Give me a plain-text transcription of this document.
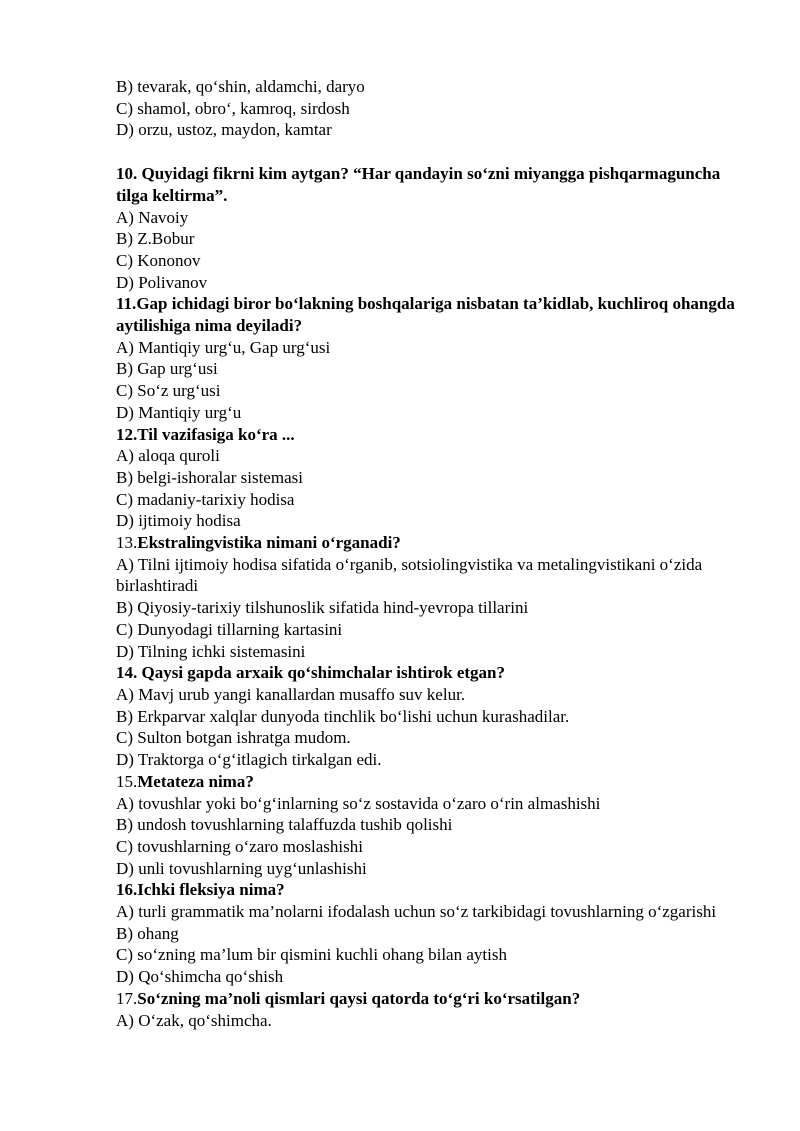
B) tevarak, qo‘shin, aldamchi, daryo
C) shamol, obro‘, kamroq, sirdosh
D) orzu, ustoz, maydon, kamtar
10. Quyidagi fikrni kim aytgan? “Har qandayin so‘zni miyangga pishqarmaguncha tilga keltirma”.
A) Navoiy
B) Z.Bobur
C) Kononov
D) Polivanov
11.Gap ichidagi biror bo‘lakning boshqalariga nisbatan ta’kidlab, kuchliroq ohangda aytilishiga nima deyiladi?
A) Mantiqiy urg‘u, Gap urg‘usi
B) Gap urg‘usi
C) So‘z urg‘usi
D) Mantiqiy urg‘u
12.Til vazifasiga ko‘ra ...
A) aloqa quroli
B) belgi-ishoralar sistemasi
C) madaniy-tarixiy hodisa
D) ijtimoiy hodisa
13.Ekstralingvistika nimani o‘rganadi?
A) Tilni ijtimoiy hodisa sifatida o‘rganib, sotsiolingvistika va metalingvistikani o‘zida birlashtiradi
B) Qiyosiy-tarixiy tilshunoslik sifatida hind-yevropa tillarini
C) Dunyodagi tillarning kartasini
D) Tilning ichki sistemasini
14. Qaysi gapda arxaik qo‘shimchalar ishtirok etgan?
A) Mavj urub yangi kanallardan musaffo suv kelur.
B) Erkparvar xalqlar dunyoda tinchlik bo‘lishi uchun kurashadilar.
C) Sulton botgan ishratga mudom.
D) Traktorga o‘g‘itlagich tirkalgan edi.
15.Metateza nima?
A) tovushlar yoki bo‘g‘inlarning so‘z sostavida o‘zaro o‘rin almashishi
B) undosh tovushlarning talaffuzda tushib qolishi
C) tovushlarning o‘zaro moslashishi
D) unli tovushlarning uyg‘unlashishi
16.Ichki fleksiya nima?
A) turli grammatik ma’nolarni ifodalash uchun so‘z tarkibidagi tovushlarning o‘zgarishi
B) ohang
C) so‘zning ma’lum bir qismini kuchli ohang bilan aytish
D) Qo‘shimcha qo‘shish
17.So‘zning ma’noli qismlari qaysi qatorda to‘g‘ri ko‘rsatilgan?
A) O‘zak, qo‘shimcha.
